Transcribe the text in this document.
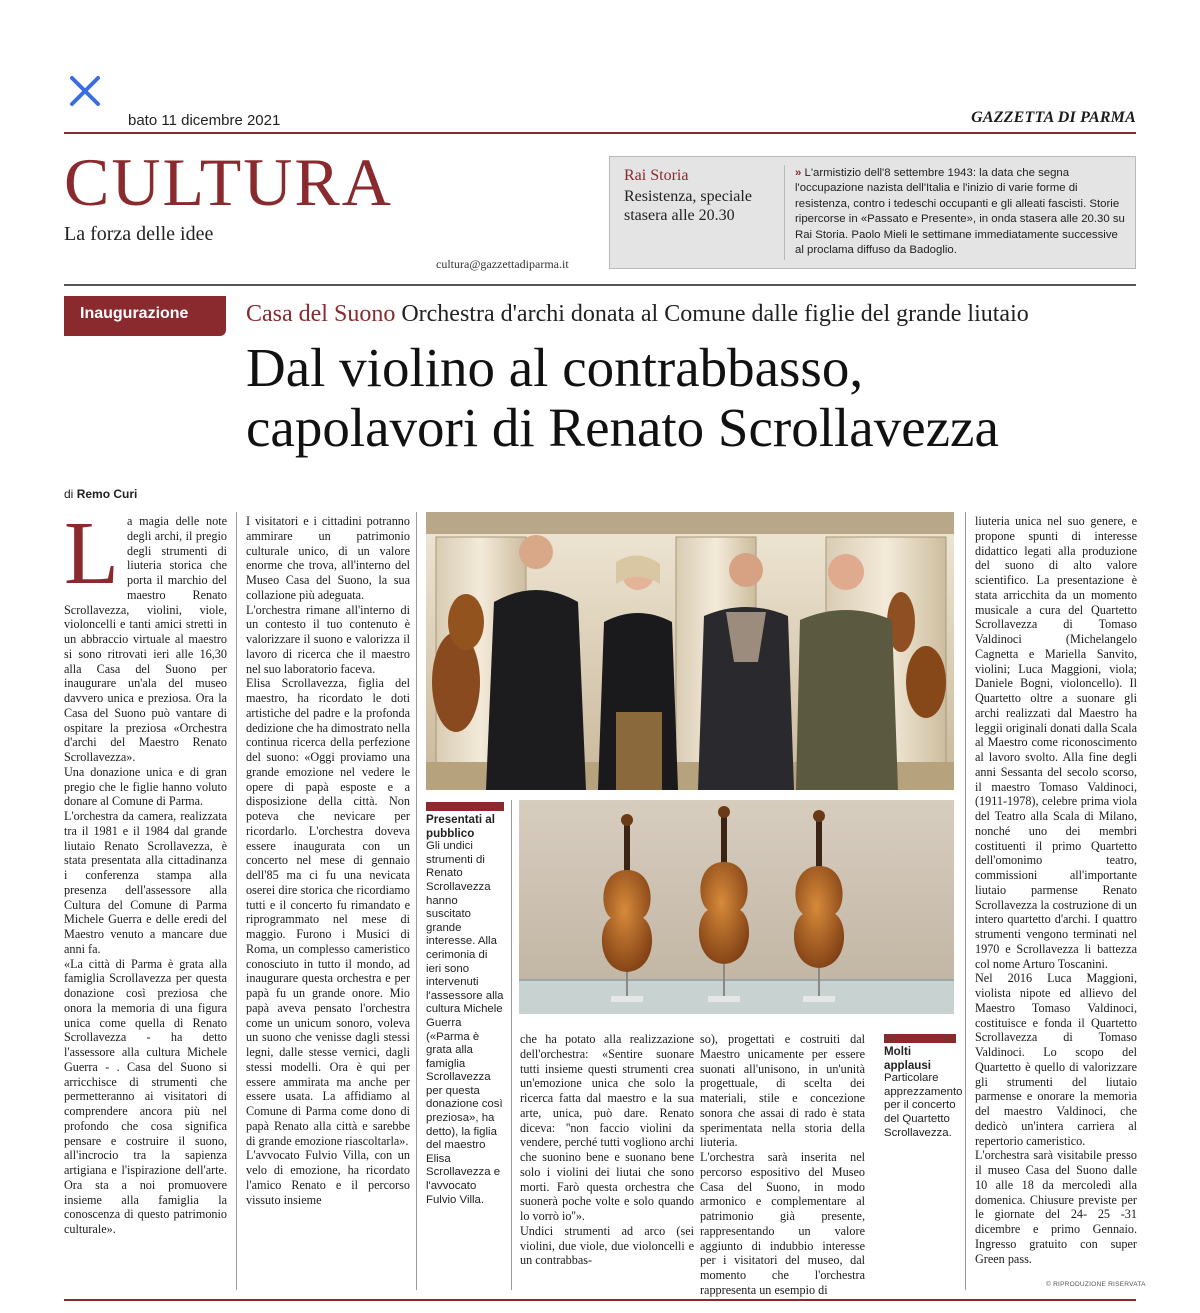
bato 11 dicembre 2021	GAZZETTA DI PARMA
CULTURA
La forza delle idee
cultura@gazzettadiparma.it
Rai Storia
Resistenza, speciale stasera alle 20.30
» L'armistizio dell'8 settembre 1943: la data che segna l'occupazione nazista dell'Italia e l'inizio di varie forme di resistenza, contro i tedeschi occupanti e gli alleati fascisti. Storie ripercorse in «Passato e Presente», in onda stasera alle 20.30 su Rai Storia. Paolo Mieli le settimane immediatamente successive al proclama diffuso da Badoglio.
Inaugurazione Casa del Suono Orchestra d'archi donata al Comune dalle figlie del grande liutaio
Dal violino al contrabbasso,
capolavori di Renato Scrollavezza
di Remo Curi

La magia delle note degli archi, il pregio degli strumenti di liuteria storica che porta il marchio del maestro Renato Scrollavezza, violini, viole, violoncelli e tanti amici stretti in un abbraccio virtuale al maestro si sono ritrovati ieri alle 16,30 alla Casa del Suono per inaugurare un'ala del museo davvero unica e preziosa. Ora la Casa del Suono può vantare di ospitare la preziosa «Orchestra d'archi del Maestro Renato Scrollavezza».

Una donazione unica e di gran pregio che le figlie hanno voluto donare al Comune di Parma.

L'orchestra da camera, realizzata tra il 1981 e il 1984 dal grande liutaio Renato Scrollavezza, è stata presentata alla cittadinanza i conferenza stampa alla presenza dell'assessore alla Cultura del Comune di Parma Michele Guerra e delle eredi del Maestro venuto a mancare due anni fa.

«La città di Parma è grata alla famiglia Scrollavezza per questa donazione così preziosa che onora la memoria di una figura unica come quella di Renato Scrollavezza - ha detto l'assessore alla cultura Michele Guerra - . Casa del Suono si arricchisce di strumenti che permetteranno ai visitatori di comprendere ancora più nel profondo che cosa significa pensare e costruire il suono, all'incrocio tra la sapienza artigiana e l'ispirazione dell'arte. Ora sta a noi promuovere insieme alla famiglia la conoscenza di questo patrimonio culturale».

I visitatori e i cittadini potranno ammirare un patrimonio culturale unico, di un valore enorme che trova, all'interno del Museo Casa del Suono, la sua collazione più adeguata.

L'orchestra rimane all'interno di un contesto il tuo contenuto è valorizzare il suono e valorizza il lavoro di ricerca che il maestro nel suo laboratorio faceva.

Elisa Scrollavezza, figlia del maestro, ha ricordato le doti artistiche del padre e la profonda dedizione che ha dimostrato nella continua ricerca della perfezione del suono: «Oggi proviamo una grande emozione nel vedere le opere di papà esposte e a disposizione della città. Non poteva che nevicare per ricordarlo. L'orchestra doveva essere inaugurata con un concerto nel mese di gennaio dell'85 ma ci fu una nevicata oserei dire storica che ricordiamo tutti e il concerto fu rimandato e riprogrammato nel mese di maggio. Furono i Musici di Roma, un complesso cameristico conosciuto in tutto il mondo, ad inaugurare questa orchestra e per papà fu un grande onore. Mio papà aveva pensato l'orchestra come un unicum sonoro, voleva un suono che venisse dagli stessi legni, dalle stesse vernici, dagli stessi modelli. Ora è qui per essere ammirata ma anche per essere usata. La affidiamo al Comune di Parma come dono di papà Renato alla città e sarebbe di grande emozione riascoltarla».

L'avvocato Fulvio Villa, con un velo di emozione, ha ricordato l'amico Renato e il percorso vissuto insieme

Presentati al pubblico
Gli undici strumenti di Renato Scrollavezza hanno suscitato grande interesse. Alla cerimonia di ieri sono intervenuti l'assessore alla cultura Michele Guerra («Parma è grata alla famiglia Scrollavezza per questa donazione così preziosa», ha detto), la figlia del maestro Elisa Scrollavezza e l'avvocato Fulvio Villa.

che ha potato alla realizzazione dell'orchestra: «Sentire suonare tutti insieme questi strumenti crea un'emozione unica che solo la ricerca fatta dal maestro e la sua arte, unica, può dare. Renato diceva: ''non faccio violini da vendere, perché tutti vogliono archi che suonino bene e suonano bene solo i violini dei liutai che sono morti. Farò questa orchestra che suonerà poche volte e solo quando lo vorrò io''».

Undici strumenti ad arco (sei violini, due viole, due violoncelli e un contrabbas-

so), progettati e costruiti dal Maestro unicamente per essere suonati all'unisono, in un'unità progettuale, di scelta dei materiali, stile e concezione sonora che assai di rado è stata sperimentata nella storia della liuteria.

L'orchestra sarà inserita nel percorso espositivo del Museo Casa del Suono, in modo armonico e complementare al patrimonio già presente, rappresentando un valore aggiunto di indubbio interesse per i visitatori del museo, dal momento che l'orchestra rappresenta un esempio di

Molti applausi
Particolare apprezzamento per il concerto del Quartetto Scrollavezza.

liuteria unica nel suo genere, e propone spunti di interesse didattico legati alla produzione del suono di alto valore scientifico. La presentazione è stata arricchita da un momento musicale a cura del Quartetto Scrollavezza di Tomaso Valdinoci (Michelangelo Cagnetta e Mariella Sanvito, violini; Luca Maggioni, viola; Daniele Bogni, violoncello). Il Quartetto oltre a suonare gli archi realizzati dal Maestro ha leggii originali donati dalla Scala al Maestro come riconoscimento al lavoro svolto. Alla fine degli anni Sessanta del secolo scorso, il maestro Tomaso Valdinoci, (1911-1978), celebre prima viola del Teatro alla Scala di Milano, nonché uno dei membri costituenti il primo Quartetto dell'omonimo teatro, commissioni all'importante liutaio parmense Renato Scrollavezza la costruzione di un intero quartetto d'archi. I quattro strumenti vengono terminati nel 1970 e Scrollavezza li battezza col nome Arturo Toscanini.

Nel 2016 Luca Maggioni, violista nipote ed allievo del Maestro Tomaso Valdinoci, costituisce e fonda il Quartetto Scrollavezza di Tomaso Valdinoci. Lo scopo del Quartetto è quello di valorizzare gli strumenti del liutaio parmense e onorare la memoria del maestro Valdinoci, che dedicò un'intera carriera al repertorio cameristico.

L'orchestra sarà visitabile presso il museo Casa del Suono dalle 10 alle 18 da mercoledì alla domenica. Chiusure previste per le giornate del 24- 25 -31 dicembre e primo Gennaio. Ingresso gratuito con super Green pass.

© RIPRODUZIONE RISERVATA
